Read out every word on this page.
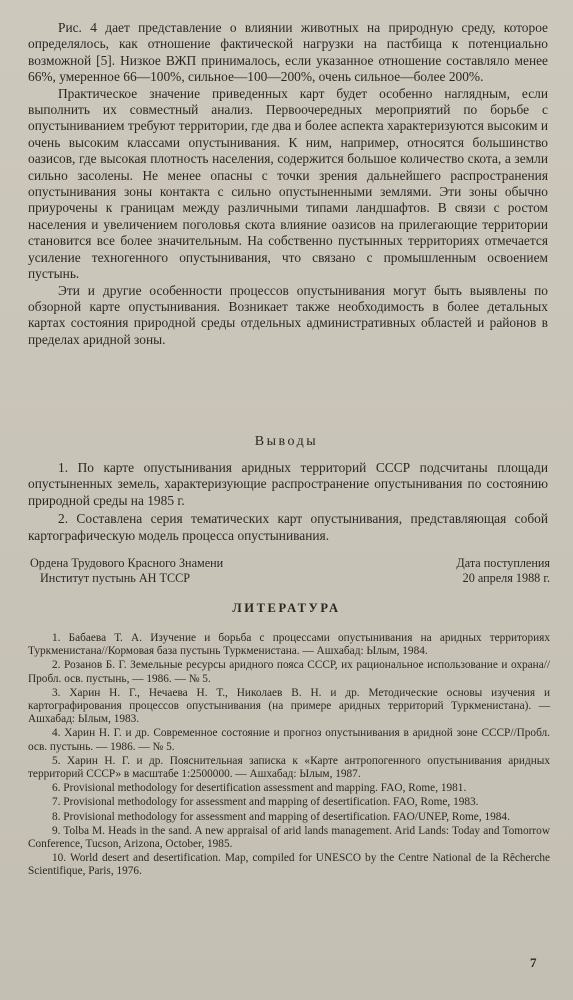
Рис. 4 дает представление о влиянии животных на природную среду, которое определялось, как отношение фактической нагрузки на пастбища к потенциально возможной [5]. Низкое ВЖП принималось, если указанное отношение составляло менее 66%, умеренное 66—100%, сильное—100—200%, очень сильное—более 200%.

Практическое значение приведенных карт будет особенно наглядным, если выполнить их совместный анализ. Первоочередных мероприятий по борьбе с опустыниванием требуют территории, где два и более аспекта характеризуются высоким и очень высоким классами опустынивания. К ним, например, относятся большинство оазисов, где высокая плотность населения, содержится большое количество скота, а земли сильно засолены. Не менее опасны с точки зрения дальнейшего распространения опустынивания зоны контакта с сильно опустыненными землями. Эти зоны обычно приурочены к границам между различными типами ландшафтов. В связи с ростом населения и увеличением поголовья скота влияние оазисов на прилегающие территории становится все более значительным. На собственно пустынных территориях отмечается усиление техногенного опустынивания, что связано с промышленным освоением пустынь.

Эти и другие особенности процессов опустынивания могут быть выявлены по обзорной карте опустынивания. Возникает также необходимость в более детальных картах состояния природной среды отдельных административных областей и районов в пределах аридной зоны.

Выводы

1. По карте опустынивания аридных территорий СССР подсчитаны площади опустыненных земель, характеризующие распространение опустынивания по состоянию природной среды на 1985 г.

2. Составлена серия тематических карт опустынивания, представляющая собой картографическую модель процесса опустынивания.

Ордена Трудового Красного Знамени
Институт пустынь АН ТССР
Дата поступления
20 апреля 1988 г.
ЛИТЕРАТУРА
1. Бабаева Т. А. Изучение и борьба с процессами опустынивания на аридных территориях Туркменистана//Кормовая база пустынь Туркменистана. — Ашхабад: Ылым, 1984.
2. Розанов Б. Г. Земельные ресурсы аридного пояса СССР, их рациональное использование и охрана//Пробл. осв. пустынь, — 1986. — № 5.
3. Харин Н. Г., Нечаева Н. Т., Николаев В. Н. и др. Методические основы изучения и картографирования процессов опустынивания (на примере аридных территорий Туркменистана). — Ашхабад: Ылым, 1983.
4. Харин Н. Г. и др. Современное состояние и прогноз опустынивания в аридной зоне СССР//Пробл. осв. пустынь. — 1986. — № 5.
5. Харин Н. Г. и др. Пояснительная записка к «Карте антропогенного опустынивания аридных территорий СССР» в масштабе 1:2500000. — Ашхабад: Ылым, 1987.
6. Provisional methodology for desertification assessment and mapping. FAO, Rome, 1981.
7. Provisional methodology for assessment and mapping of desertification. FAO, Rome, 1983.
8. Provisional methodology for assessment and mapping of desertification. FAO/UNEP, Rome, 1984.
9. Tolba M. Heads in the sand. A new appraisal of arid lands management. Arid Lands: Today and Tomorrow Conference, Tucson, Arizona, October, 1985.
10. World desert and desertification. Map, compiled for UNESCO by the Centre National de la Rêcherche Scientifique, Paris, 1976.
7
